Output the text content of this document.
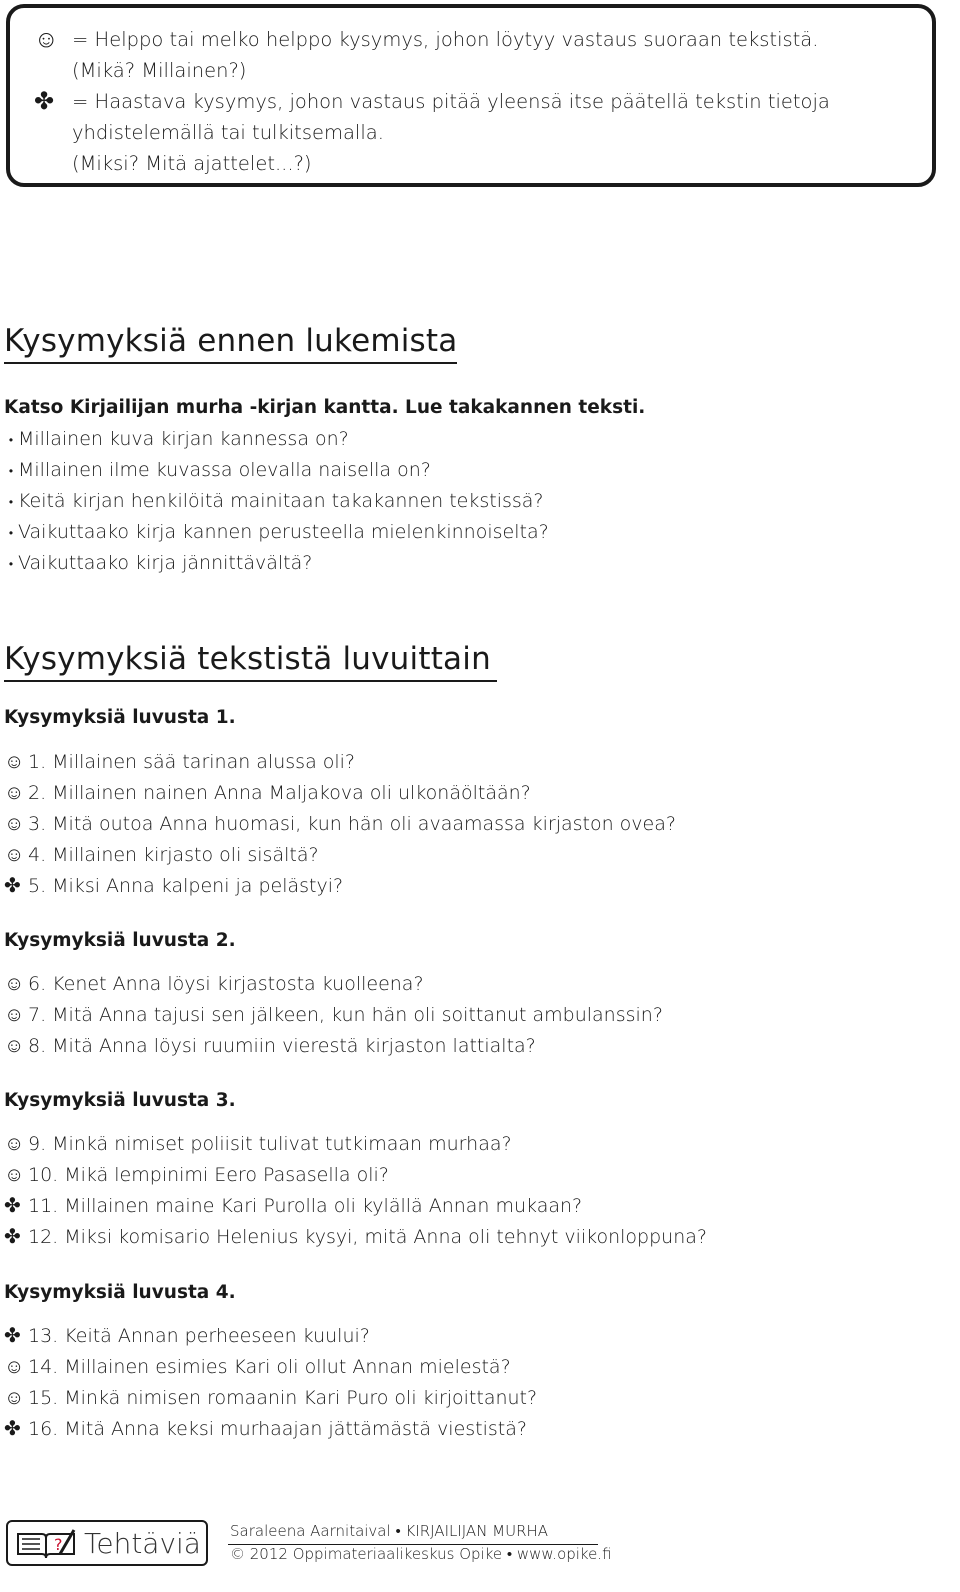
☺ = Helppo tai melko helppo kysymys, johon löytyy vastaus suoraan tekstistä.
(Mikä? Millainen?)
✤ = Haastava kysymys, johon vastaus pitää yleensä itse päätellä tekstin tietoja
yhdistelemällä tai tulkitsemalla.
(Miksi? Mitä ajattelet...?)
Kysymyksiä ennen lukemista
Katso Kirjailijan murha -kirjan kantta. Lue takakannen teksti.
• Millainen kuva kirjan kannessa on?
• Millainen ilme kuvassa olevalla naisella on?
• Keitä kirjan henkilöitä mainitaan takakannen tekstissä?
• Vaikuttaako kirja kannen perusteella mielenkinnoiselta?
• Vaikuttaako kirja jännittävältä?
Kysymyksiä tekstistä luvuittain
Kysymyksiä luvusta 1.
☺ 1. Millainen sää tarinan alussa oli?
☺ 2. Millainen nainen Anna Maljakova oli ulkonäöltään?
☺ 3. Mitä outoa Anna huomasi, kun hän oli avaamassa kirjaston ovea?
☺ 4. Millainen kirjasto oli sisältä?
✤ 5. Miksi Anna kalpeni ja pelästyi?
Kysymyksiä luvusta 2.
☺ 6. Kenet Anna löysi kirjastosta kuolleena?
☺ 7. Mitä Anna tajusi sen jälkeen, kun hän oli soittanut ambulanssin?
☺ 8. Mitä Anna löysi ruumiin vierestä kirjaston lattialta?
Kysymyksiä luvusta 3.
☺ 9. Minkä nimiset poliisit tulivat tutkimaan murhaa?
☺ 10. Mikä lempinimi Eero Pasasella oli?
✤ 11. Millainen maine Kari Purolla oli kylällä Annan mukaan?
✤ 12. Miksi komisario Helenius kysyi, mitä Anna oli tehnyt viikonloppuna?
Kysymyksiä luvusta 4.
✤ 13. Keitä Annan perheeseen kuului?
☺ 14. Millainen esimies Kari oli ollut Annan mielestä?
☺ 15. Minkä nimisen romaanin Kari Puro oli kirjoittanut?
✤ 16. Mitä Anna keksi murhaajan jättämästä viestistä?
? Tehtäviä Saraleena Aarnitaival • KIRJAILIJAN MURHA
© 2012 Oppimateriaalikeskus Opike • www.opike.fi
